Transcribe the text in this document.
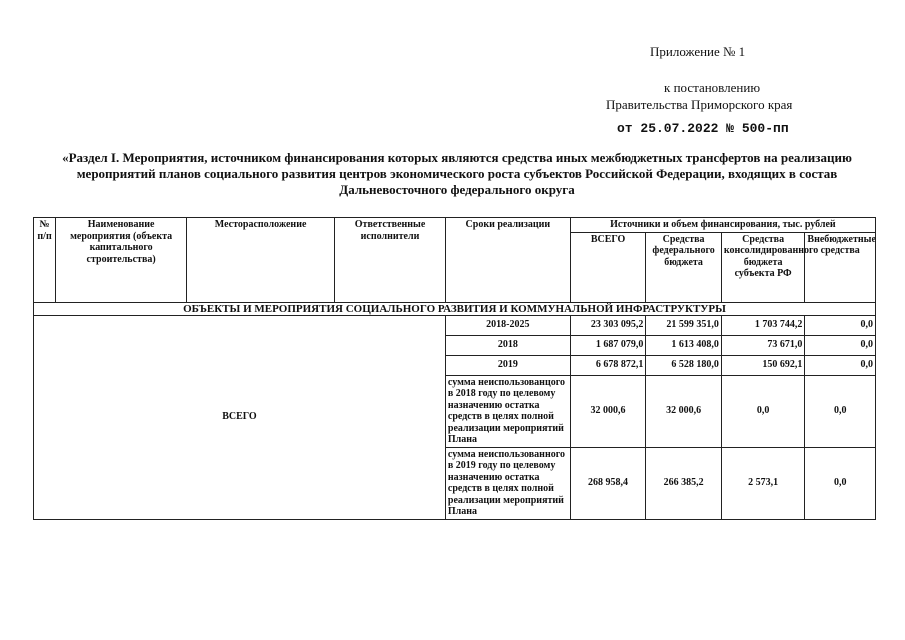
Приложение № 1
к постановлению
Правительства Приморского края
от 25.07.2022 № 500-пп
«Раздел I. Мероприятия, источником финансирования которых являются средства иных межбюджетных трансфертов на реализацию мероприятий планов социального развития центров экономического роста субъектов Российской Федерации, входящих в состав Дальневосточного федерального округа
№ п/п	Наименование мероприятия (объекта капитального строительства)	Месторасположение	Ответственные исполнители	Сроки реализации	Источники и объем финансирования, тыс. рублей			
					ВСЕГО	Средства федерального бюджета	Средства консолидированного бюджета субъекта РФ	Внебюджетные средства
ОБЪЕКТЫ И МЕРОПРИЯТИЯ СОЦИАЛЬНОГО РАЗВИТИЯ И КОММУНАЛЬНОЙ ИНФРАСТРУКТУРЫ								
ВСЕГО				2018-2025	23 303 095,2	21 599 351,0	1 703 744,2	0,0
				2018	1 687 079,0	1 613 408,0	73 671,0	0,0
				2019	6 678 872,1	6 528 180,0	150 692,1	0,0
				сумма неиспользованцого в 2018 году по целевому назначению остатка средств в целях полной реализации мероприятий Плана	32 000,6	32 000,6	0,0	0,0
				сумма неиспользованного в 2019 году по целевому назначению остатка средств в целях полной реализации мероприятий Плана	268 958,4	266 385,2	2 573,1	0,0
